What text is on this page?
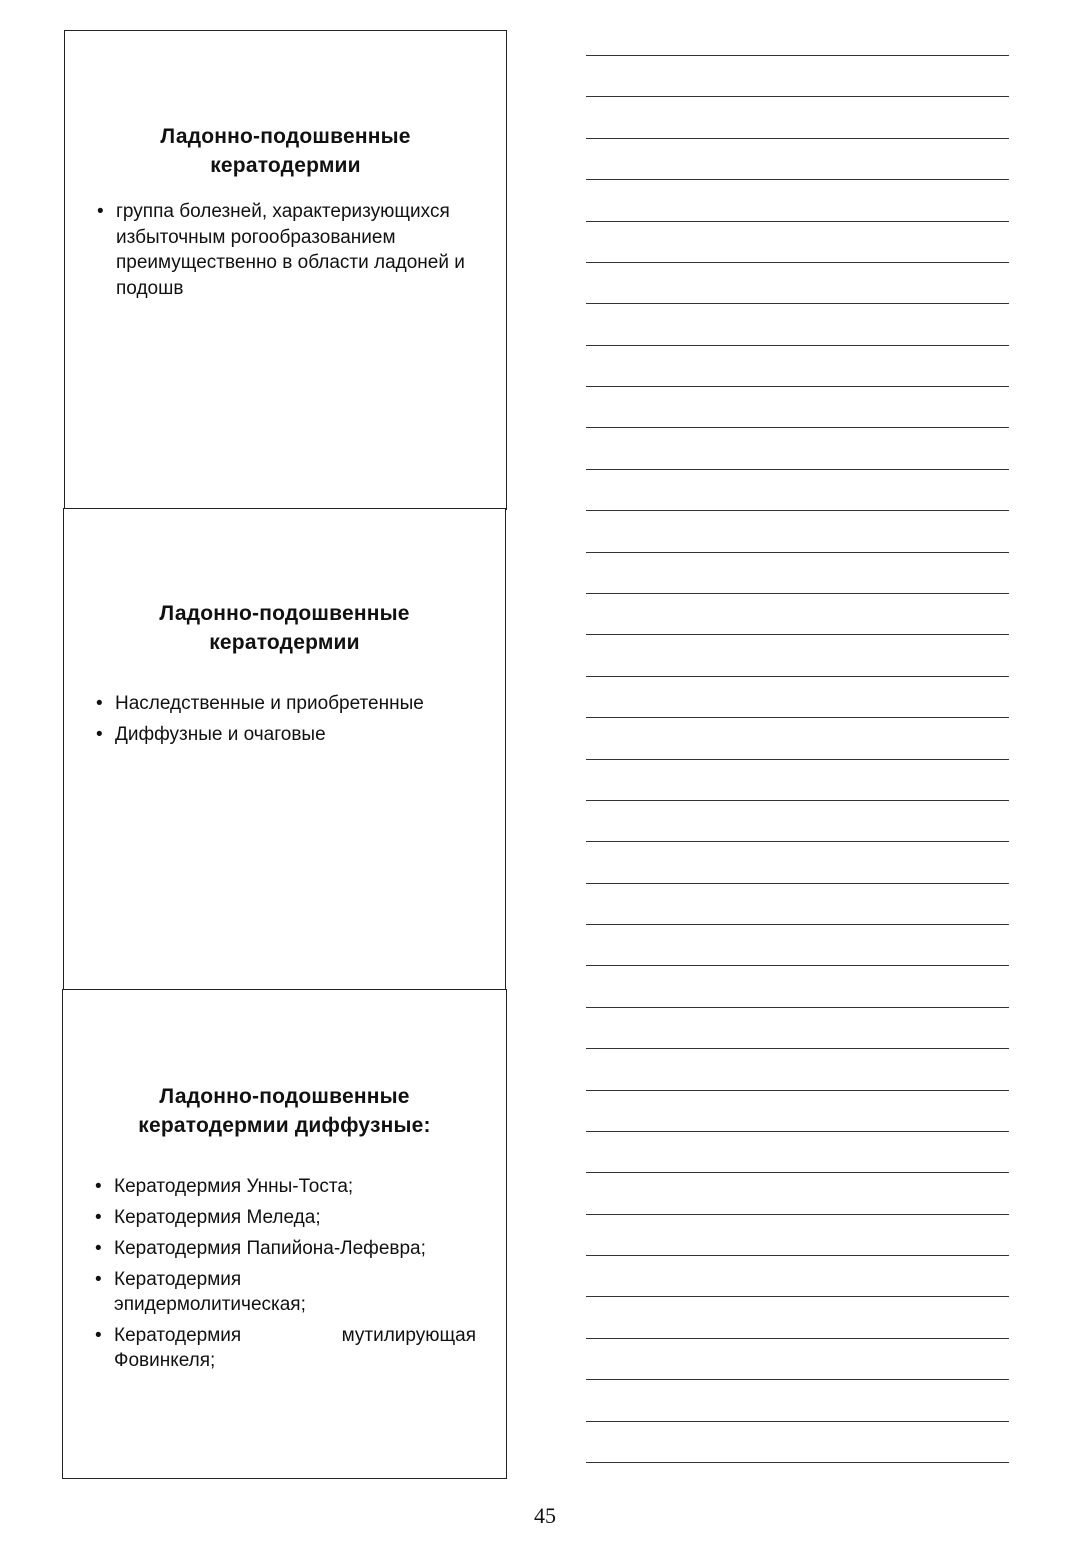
Ладонно-подошвенные
кератодермии
• группа болезней, характеризующихся избыточным рогообразованием преимущественно в области ладоней и подошв
Ладонно-подошвенные
кератодермии
• Наследственные и приобретенные
• Диффузные и очаговые
Ладонно-подошвенные
кератодермии диффузные:
• Кератодермия Унны-Тоста;
• Кератодермия Меледа;
• Кератодермия Папийона-Лефевра;
• Кератодермия эпидермолитическая;
• Кератодермия мутилирующая Фовинкеля;
45
